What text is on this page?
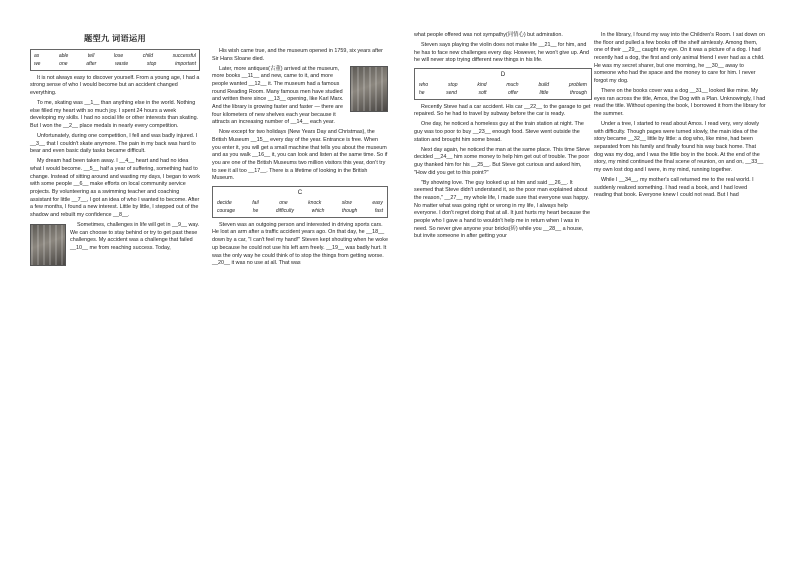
题型九 词语运用
as	able	tell	lose	child	successful
we	one	after	waste	stop	important

It is not always easy to discover yourself. From a young age, I had a strong sense of who I would become but an accident changed everything.

To me, skating was __1__ than anything else in the world. Nothing else filled my heart with so much joy. I spent 24 hours a week developing my skills. I had no social life or other interests than skating. But I won the __2__ place medals in nearly every competition.

Unfortunately, during one competition, I fell and was badly injured. I __3__ that I couldn't skate anymore. The pain in my back was hard to bear and even basic daily tasks became difficult.

My dream had been taken away. I __4__ heart and had no idea what I would become. __5__ half a year of suffering, something had to change. Instead of sitting around and wasting my days, I began to work with some people __6__ make efforts on local community service projects. By volunteering as a swimming teacher and coaching assistant for little __7__, I got an idea of who I wanted to become. After a few months, I found a new interest. Little by little, I stepped out of the shadow and rebuilt my confidence __8__.

Sometimes, challenges in life will get in __9__ way. We can choose to stay behind or try to get past these challenges. My accident was a challenge that failed __10__ me from reaching success. Today,

His wish came true, and the museum opened in 1759, six years after Sir Hans Sloane died.

Later, more antiques(古董) arrived at the museum, more books __11__ and new, came to it, and more people wanted __12__ it. The museum had a famous round Reading Room. Many famous men have studied and written there since __13__ opening, like Karl Marx. And the library is growing faster and faster — there are four kilometers of new shelves each year because it attracts an increasing number of __14__ each year.

Now except for two holidays (New Years Day and Christmas), the British Museum __15__ every day of the year. Entrance is free. When you enter it, you will get a small machine that tells you about the museum and as you walk __16__ it, you can look and listen at the same time. So if you are one of the British Museums two million visitors this year, don't try to see it all too __17__. There is a lifetime of looking in the British Museum.

C
decide	fail	one	knock	slow	easy
courage	he	difficulty	which	though	fast

Steven was an outgoing person and interested in driving sports cars. He lost an arm after a traffic accident years ago. On that day, he __18__ down by a car, "I can't feel my hand!" Steven kept shouting when he woke up because he could not use his left arm freely. __19__ was badly hurt. It was the only way he could think of to stop the things from getting worse. __20__ it was no use at all. That was

what people offered was not sympathy(同情心) but admiration.

Steven says playing the violin does not make life __21__ for him, and he has to face new challenges every day. However, he won't give up. And he will never stop trying different new things in his life.

D
who	stop	kind	much	build	problem
he	send	soft	offer	little	through

Recently Steve had a car accident. His car __22__ to the garage to get repaired. So he had to travel by subway before the car is ready.

One day, he noticed a homeless guy at the train station at night. The guy was too poor to buy __23__ enough food. Steve went outside the station and brought him some bread.

Next day again, he noticed the man at the same place. This time Steve decided __24__ him some money to help him get out of trouble. The poor guy thanked him for his __25__. But Steve got curious and asked him, "How did you get to this point?"

"By showing love. The guy looked up at him and said __26__. It seemed that Steve didn't understand it, so the poor man explained about the reason," __27__ my whole life, I made sure that everyone was happy. No matter what was going right or wrong in my life, I always help everyone. I don't regret doing that at all. It just hurts my heart because the people who I gave a hand to wouldn't help me in return when I was in need. So never give anyone your bricks(砖) while you __28__ a house, but invite someone in after getting your

In the library, I found my way into the Children's Room. I sat down on the floor and pulled a few books off the shelf aimlessly. Among them, one of their __29__ caught my eye. On it was a picture of a dog. I had recently had a dog, the first and only animal friend I ever had as a child. He was my secret sharer, but one morning, he __30__ away to someone who had the space and the money to care for him. I never forgot my dog.

There on the books cover was a dog __31__ looked like mine. My eyes ran across the title, Amos, the Dog with a Plan. Unknowingly, I had read the title. Without opening the book, I borrowed it from the library for the summer.

Under a tree, I started to read about Amos. I read very, very slowly with difficulty. Though pages were turned slowly, the main idea of the story became __32__ little by little: a dog who, like mine, had been separated from his family and finally found his way back home. That dog was my dog, and I was the little boy in the book. At the end of the story, my mind continued the final scene of reunion, on and on, __33__ my own lost dog and I were, in my mind, running together.

While I __34__, my mother's call returned me to the real world. I suddenly realized something. I had read a book, and I had loved reading that book. Everyone knew I could not read. But I had
